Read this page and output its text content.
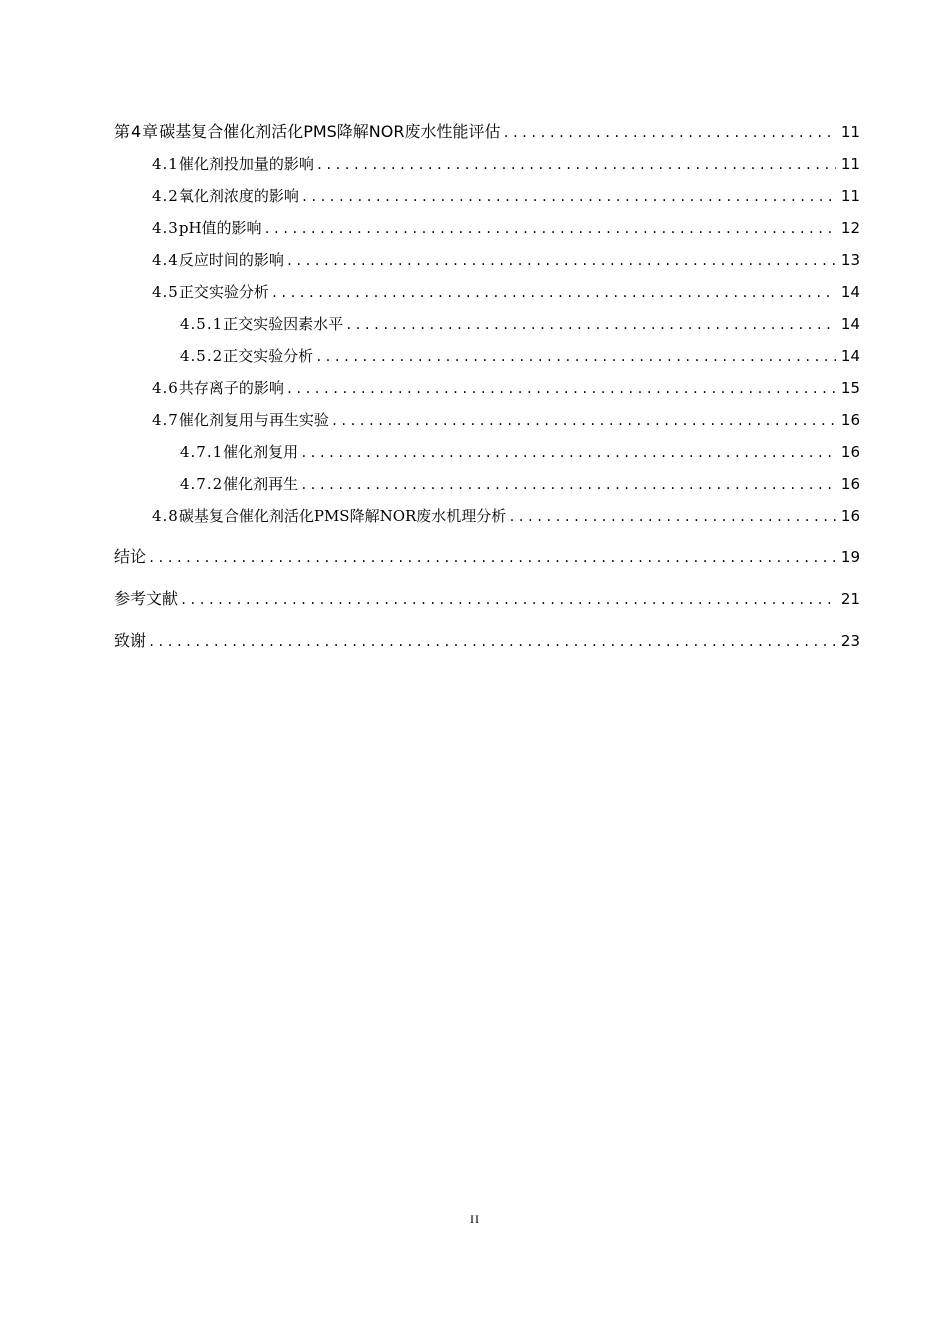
第4章 碳基复合催化剂活化PMS降解NOR废水性能评估 .....	11
4.1 催化剂投加量的影响 .....	11
4.2 氧化剂浓度的影响 .....	11
4.3 pH值的影响 .....	12
4.4 反应时间的影响 .....	13
4.5 正交实验分析 .....	14
4.5.1 正交实验因素水平 .....	14
4.5.2 正交实验分析 .....	14
4.6 共存离子的影响 .....	15
4.7 催化剂复用与再生实验 .....	16
4.7.1 催化剂复用 .....	16
4.7.2 催化剂再生 .....	16
4.8 碳基复合催化剂活化PMS降解NOR废水机理分析 .....	16
结论 .....	19
参考文献 .....	21
致谢 .....	23
II
